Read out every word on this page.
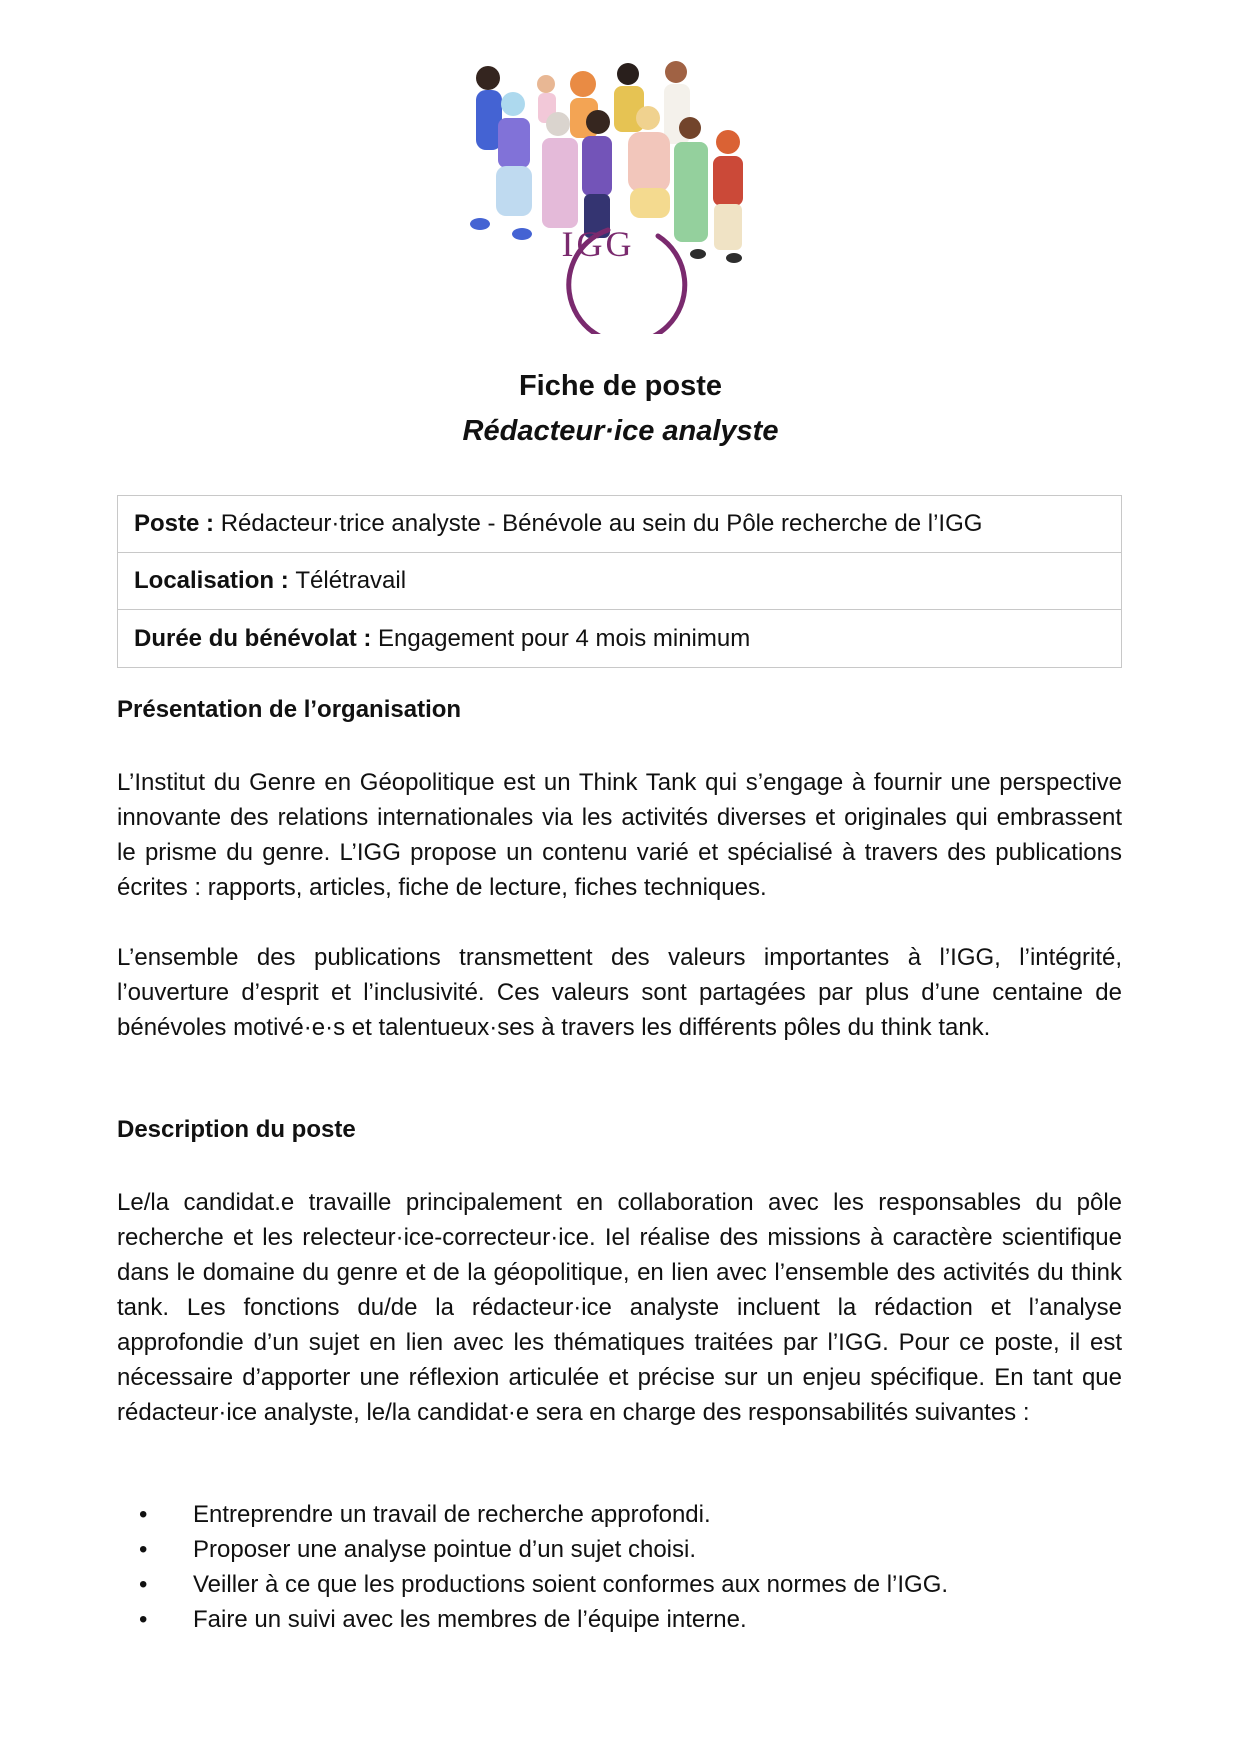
IGG
Fiche de poste
Rédacteur·ice analyste
Poste : Rédacteur·trice analyste - Bénévole au sein du Pôle recherche de l’IGG
Localisation : Télétravail
Durée du bénévolat : Engagement pour 4 mois minimum
Présentation de l’organisation
L’Institut du Genre en Géopolitique est un Think Tank qui s’engage à fournir une perspective innovante des relations internationales via les activités diverses et originales qui embrassent le prisme du genre. L’IGG propose un contenu varié et spécialisé à travers des publications écrites : rapports, articles, fiche de lecture, fiches techniques.
L’ensemble des publications transmettent des valeurs importantes à l’IGG, l’intégrité, l’ouverture d’esprit et l’inclusivité. Ces valeurs sont partagées par plus d’une centaine de bénévoles motivé·e·s et talentueux·ses à travers les différents pôles du think tank.
Description du poste
Le/la candidat.e travaille principalement en collaboration avec les responsables du pôle recherche et les relecteur·ice-correcteur·ice. Iel réalise des missions à caractère scientifique dans le domaine du genre et de la géopolitique, en lien avec l’ensemble des activités du think tank. Les fonctions du/de la rédacteur·ice analyste incluent la rédaction et l’analyse approfondie d’un sujet en lien avec les thématiques traitées par l’IGG. Pour ce poste, il est nécessaire d’apporter une réflexion articulée et précise sur un enjeu spécifique. En tant que rédacteur·ice analyste, le/la candidat·e sera en charge des responsabilités suivantes :
• Entreprendre un travail de recherche approfondi.
• Proposer une analyse pointue d’un sujet choisi.
• Veiller à ce que les productions soient conformes aux normes de l’IGG.
• Faire un suivi avec les membres de l’équipe interne.
